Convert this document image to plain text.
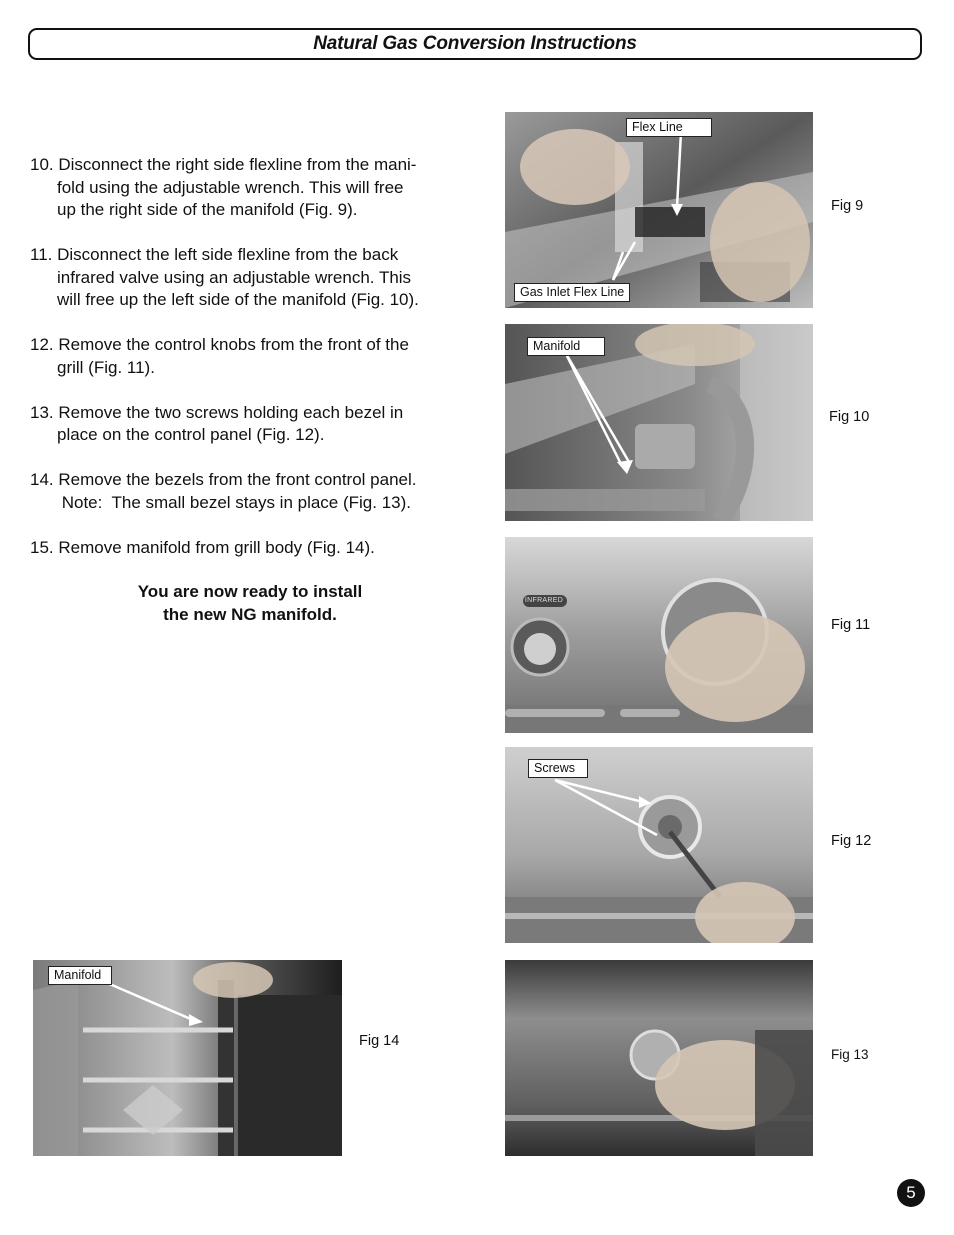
Natural Gas Conversion Instructions
10. Disconnect the right side flexline from the mani-
fold using the adjustable wrench. This will free
up the right side of the manifold (Fig. 9).
11. Disconnect the left side flexline from the back
infrared valve using an adjustable wrench. This
will free up the left side of the manifold (Fig. 10).
12. Remove the control knobs from the front of the
grill (Fig. 11).
13. Remove the two screws holding each bezel in
place on the control panel (Fig. 12).
14. Remove the bezels from the front control panel.
Note:  The small bezel stays in place (Fig. 13).
15. Remove manifold from grill body (Fig. 14).
You are now ready to install
the new NG manifold.
Flex Line
Gas Inlet Flex Line
Fig 9
Manifold
Fig 10
INFRARED
Fig 11
Screws
Fig 12
Fig 13
Manifold
Fig 14
5
